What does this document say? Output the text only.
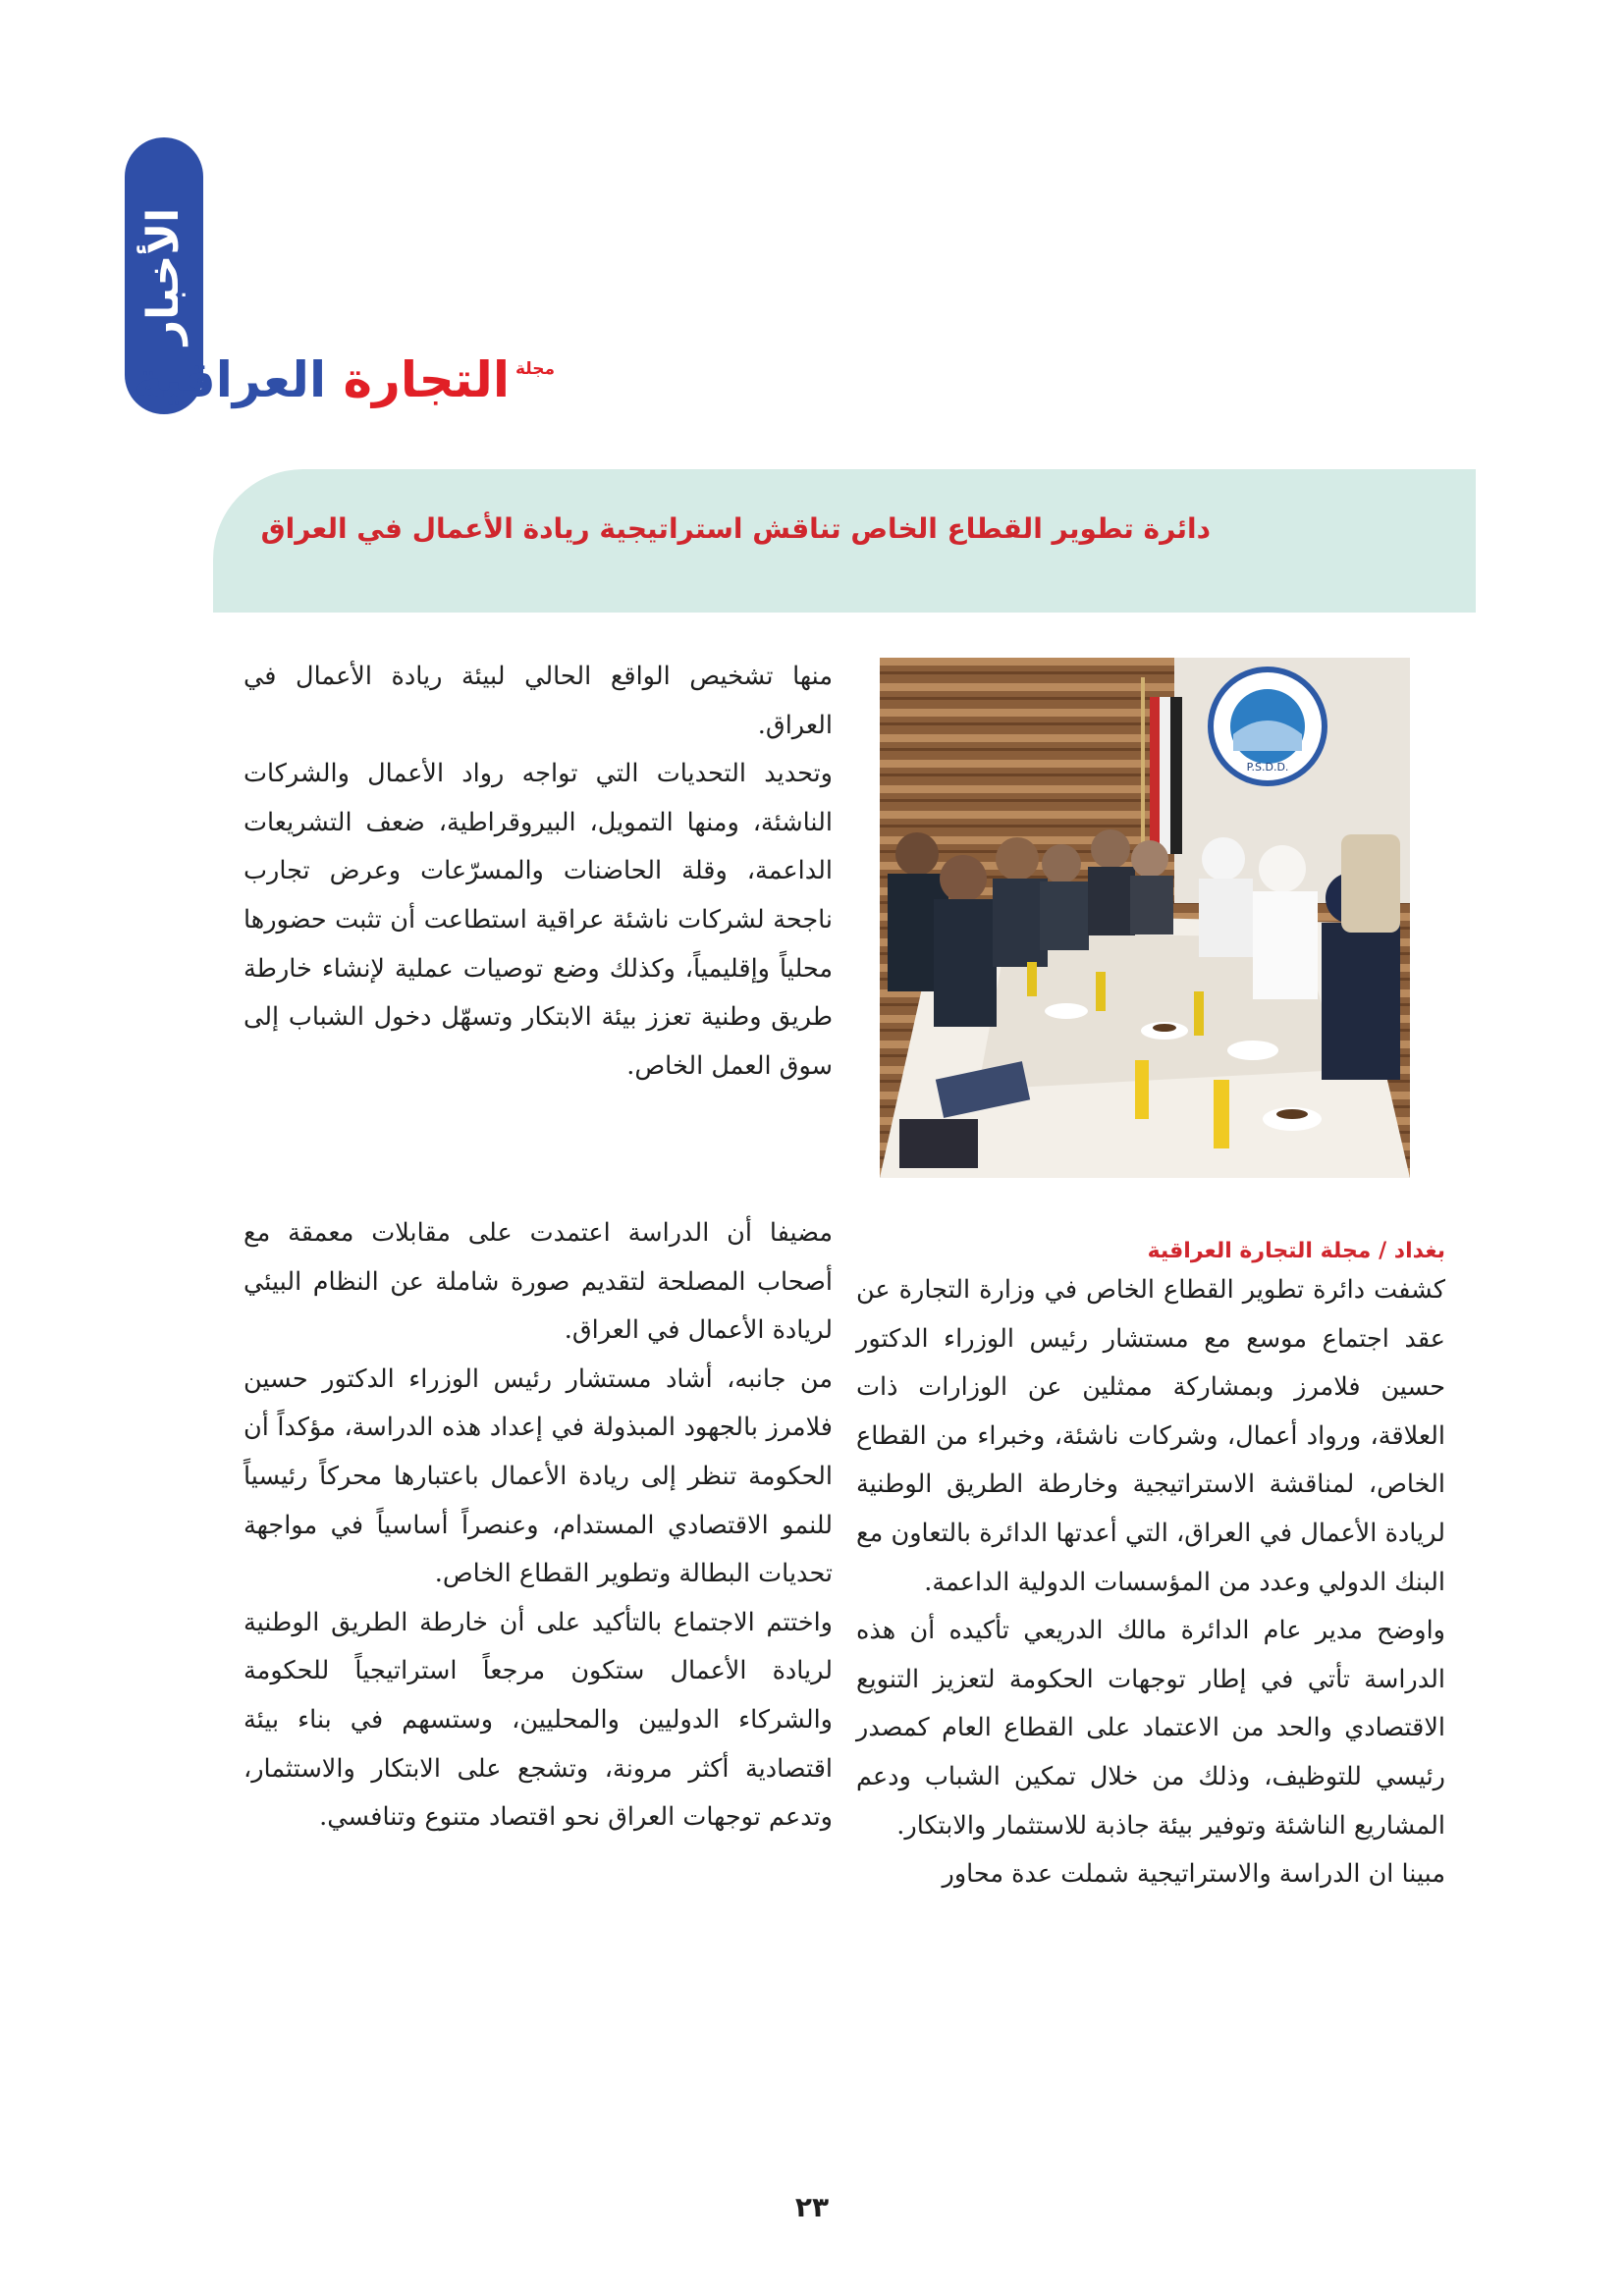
الأخبار
مجلةالتجارة العراقية
دائرة تطوير القطاع الخاص تناقش استراتيجية ريادة الأعمال في العراق
P.S.D.D.

منها تشخيص الواقع الحالي لبيئة ريادة الأعمال في العراق.

وتحديد التحديات التي تواجه رواد الأعمال والشركات الناشئة، ومنها التمويل، البيروقراطية، ضعف التشريعات الداعمة، وقلة الحاضنات والمسرّعات وعرض تجارب ناجحة لشركات ناشئة عراقية استطاعت أن تثبت حضورها محلياً وإقليمياً، وكذلك وضع توصيات عملية لإنشاء خارطة طريق وطنية تعزز بيئة الابتكار وتسهّل دخول الشباب إلى سوق العمل الخاص.

مضيفا أن الدراسة اعتمدت على مقابلات معمقة مع أصحاب المصلحة لتقديم صورة شاملة عن النظام البيئي لريادة الأعمال في العراق.

من جانبه، أشاد مستشار رئيس الوزراء الدكتور حسين فلامرز بالجهود المبذولة في إعداد هذه الدراسة، مؤكداً أن الحكومة تنظر إلى ريادة الأعمال باعتبارها محركاً رئيسياً للنمو الاقتصادي المستدام، وعنصراً أساسياً في مواجهة تحديات البطالة وتطوير القطاع الخاص.

واختتم الاجتماع بالتأكيد على أن خارطة الطريق الوطنية لريادة الأعمال ستكون مرجعاً استراتيجياً للحكومة والشركاء الدوليين والمحليين، وستسهم في بناء بيئة اقتصادية أكثر مرونة، وتشجع على الابتكار والاستثمار، وتدعم توجهات العراق نحو اقتصاد متنوع وتنافسي.

بغداد / مجلة التجارة العراقية

كشفت دائرة تطوير القطاع الخاص في وزارة التجارة عن عقد اجتماع موسع مع مستشار رئيس الوزراء الدكتور حسين فلامرز وبمشاركة ممثلين عن الوزارات ذات العلاقة، ورواد أعمال، وشركات ناشئة، وخبراء من القطاع الخاص، لمناقشة الاستراتيجية وخارطة الطريق الوطنية لريادة الأعمال في العراق، التي أعدتها الدائرة بالتعاون مع البنك الدولي وعدد من المؤسسات الدولية الداعمة.

واوضح مدير عام الدائرة مالك الدريعي تأكيده أن هذه الدراسة تأتي في إطار توجهات الحكومة لتعزيز التنويع الاقتصادي والحد من الاعتماد على القطاع العام كمصدر رئيسي للتوظيف، وذلك من خلال تمكين الشباب ودعم المشاريع الناشئة وتوفير بيئة جاذبة للاستثمار والابتكار.

مبينا ان الدراسة والاستراتيجية شملت عدة محاور

٢٣
